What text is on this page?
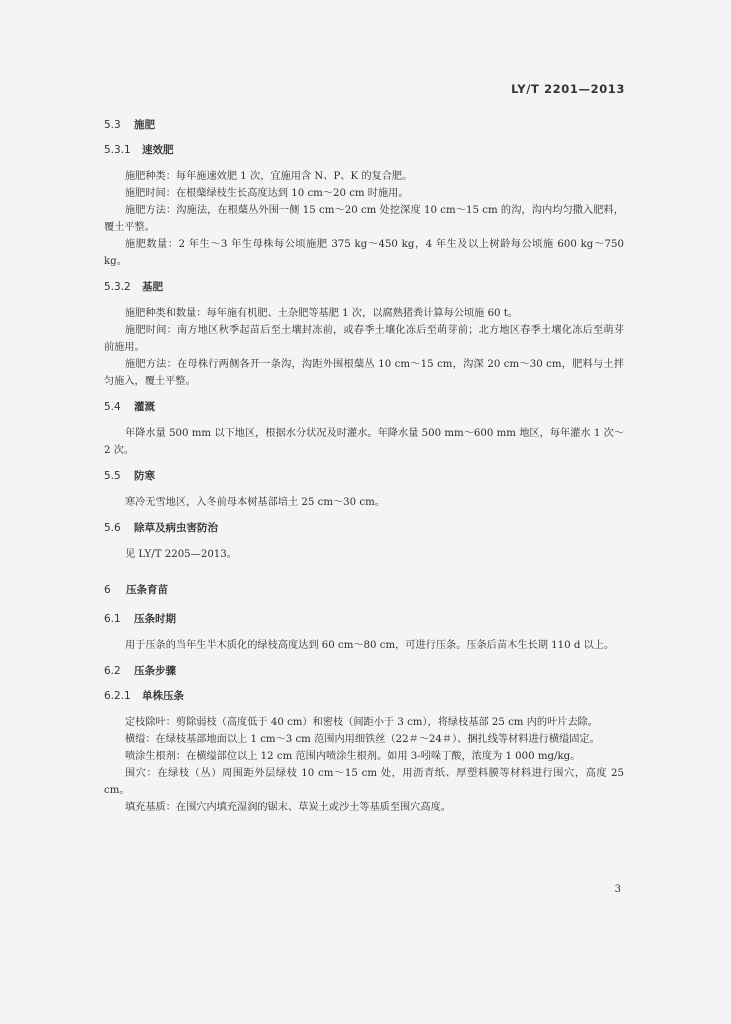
LY/T 2201—2013
5.3 施肥
5.3.1 速效肥

施肥种类：每年施速效肥 1 次，宜施用含 N、P、K 的复合肥。

施肥时间：在根蘖绿枝生长高度达到 10 cm～20 cm 时施用。

施肥方法：沟施法，在根蘖丛外围一侧 15 cm～20 cm 处挖深度 10 cm～15 cm 的沟，沟内均匀撒入肥料，覆土平整。

施肥数量：2 年生～3 年生母株每公顷施肥 375 kg～450 kg，4 年生及以上树龄每公顷施 600 kg～750 kg。

5.3.2 基肥

施肥种类和数量：每年施有机肥、土杂肥等基肥 1 次，以腐熟猪粪计算每公顷施 60 t。

施肥时间：南方地区秋季起苗后至土壤封冻前，或春季土壤化冻后至萌芽前；北方地区春季土壤化冻后至萌芽前施用。

施肥方法：在母株行两侧各开一条沟，沟距外围根蘖丛 10 cm～15 cm，沟深 20 cm～30 cm，肥料与土拌匀施入，覆土平整。

5.4 灌溉

年降水量 500 mm 以下地区，根据水分状况及时灌水。年降水量 500 mm～600 mm 地区，每年灌水 1 次～2 次。

5.5 防寒

寒冷无雪地区，入冬前母本树基部培土 25 cm～30 cm。

5.6 除草及病虫害防治

见 LY/T 2205—2013。

6 压条育苗
6.1 压条时期

用于压条的当年生半木质化的绿枝高度达到 60 cm～80 cm，可进行压条。压条后苗木生长期 110 d 以上。

6.2 压条步骤
6.2.1 单株压条

定枝除叶：剪除弱枝（高度低于 40 cm）和密枝（间距小于 3 cm），将绿枝基部 25 cm 内的叶片去除。

横缢：在绿枝基部地面以上 1 cm～3 cm 范围内用细铁丝（22＃～24＃）、捆扎线等材料进行横缢固定。

喷涂生根剂：在横缢部位以上 12 cm 范围内喷涂生根剂。如用 3-吲哚丁酸，浓度为 1 000 mg/kg。

围穴：在绿枝（丛）周围距外层绿枝 10 cm～15 cm 处，用沥青纸、厚塑料膜等材料进行围穴，高度 25 cm。

填充基质：在围穴内填充湿润的锯末、草炭土或沙土等基质至围穴高度。

3
